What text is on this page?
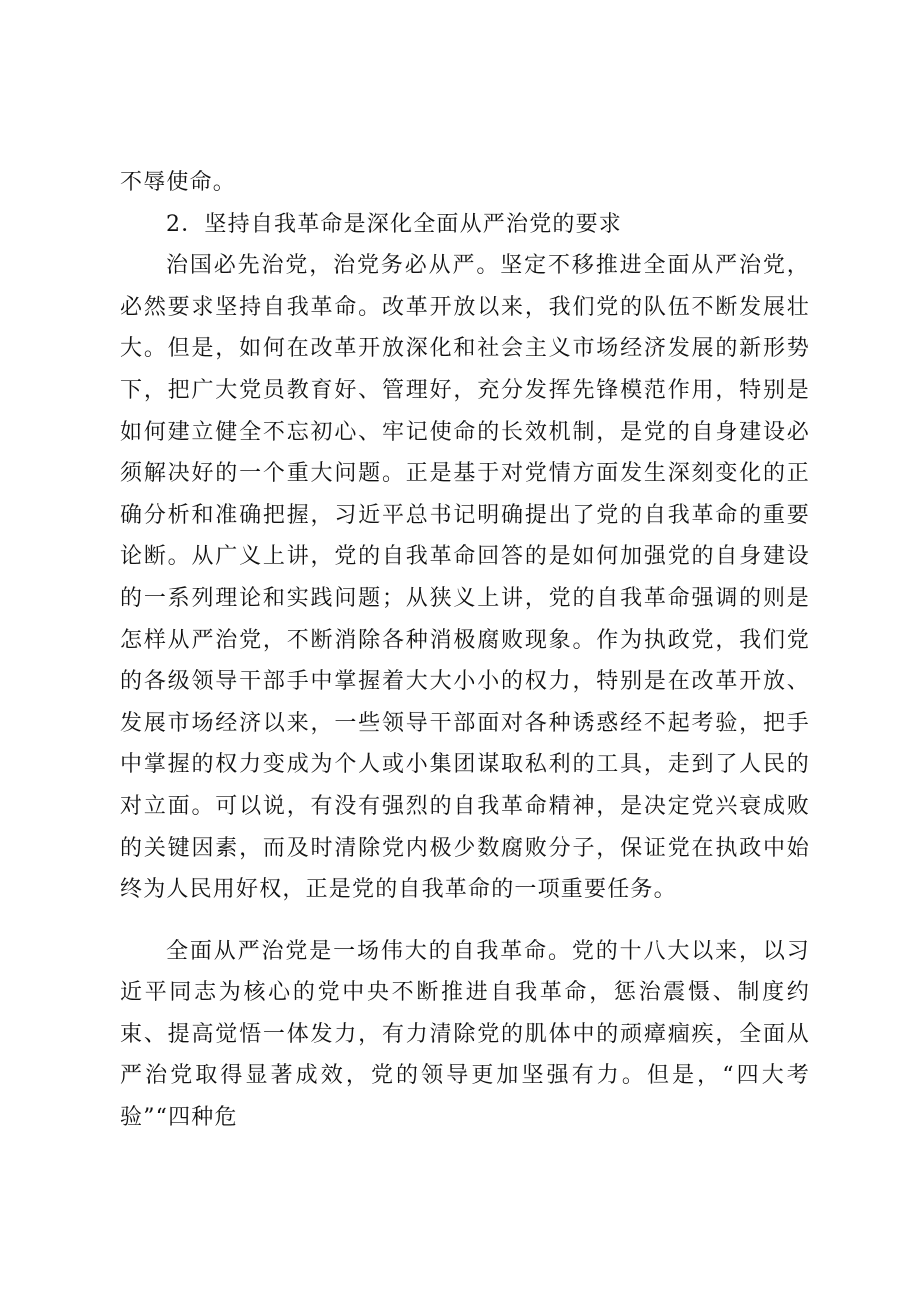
不辱使命。

2．坚持自我革命是深化全面从严治党的要求

治国必先治党，治党务必从严。坚定不移推进全面从严治党，必然要求坚持自我革命。改革开放以来，我们党的队伍不断发展壮大。但是，如何在改革开放深化和社会主义市场经济发展的新形势下，把广大党员教育好、管理好，充分发挥先锋模范作用，特别是如何建立健全不忘初心、牢记使命的长效机制，是党的自身建设必须解决好的一个重大问题。正是基于对党情方面发生深刻变化的正确分析和准确把握，习近平总书记明确提出了党的自我革命的重要论断。从广义上讲，党的自我革命回答的是如何加强党的自身建设的一系列理论和实践问题；从狭义上讲，党的自我革命强调的则是怎样从严治党，不断消除各种消极腐败现象。作为执政党，我们党的各级领导干部手中掌握着大大小小的权力，特别是在改革开放、发展市场经济以来，一些领导干部面对各种诱惑经不起考验，把手中掌握的权力变成为个人或小集团谋取私利的工具，走到了人民的对立面。可以说，有没有强烈的自我革命精神，是决定党兴衰成败的关键因素，而及时清除党内极少数腐败分子，保证党在执政中始终为人民用好权，正是党的自我革命的一项重要任务。

全面从严治党是一场伟大的自我革命。党的十八大以来，以习近平同志为核心的党中央不断推进自我革命，惩治震慑、制度约束、提高觉悟一体发力，有力清除党的肌体中的顽瘴痼疾，全面从严治党取得显著成效，党的领导更加坚强有力。但是，“四大考验”“四种危
